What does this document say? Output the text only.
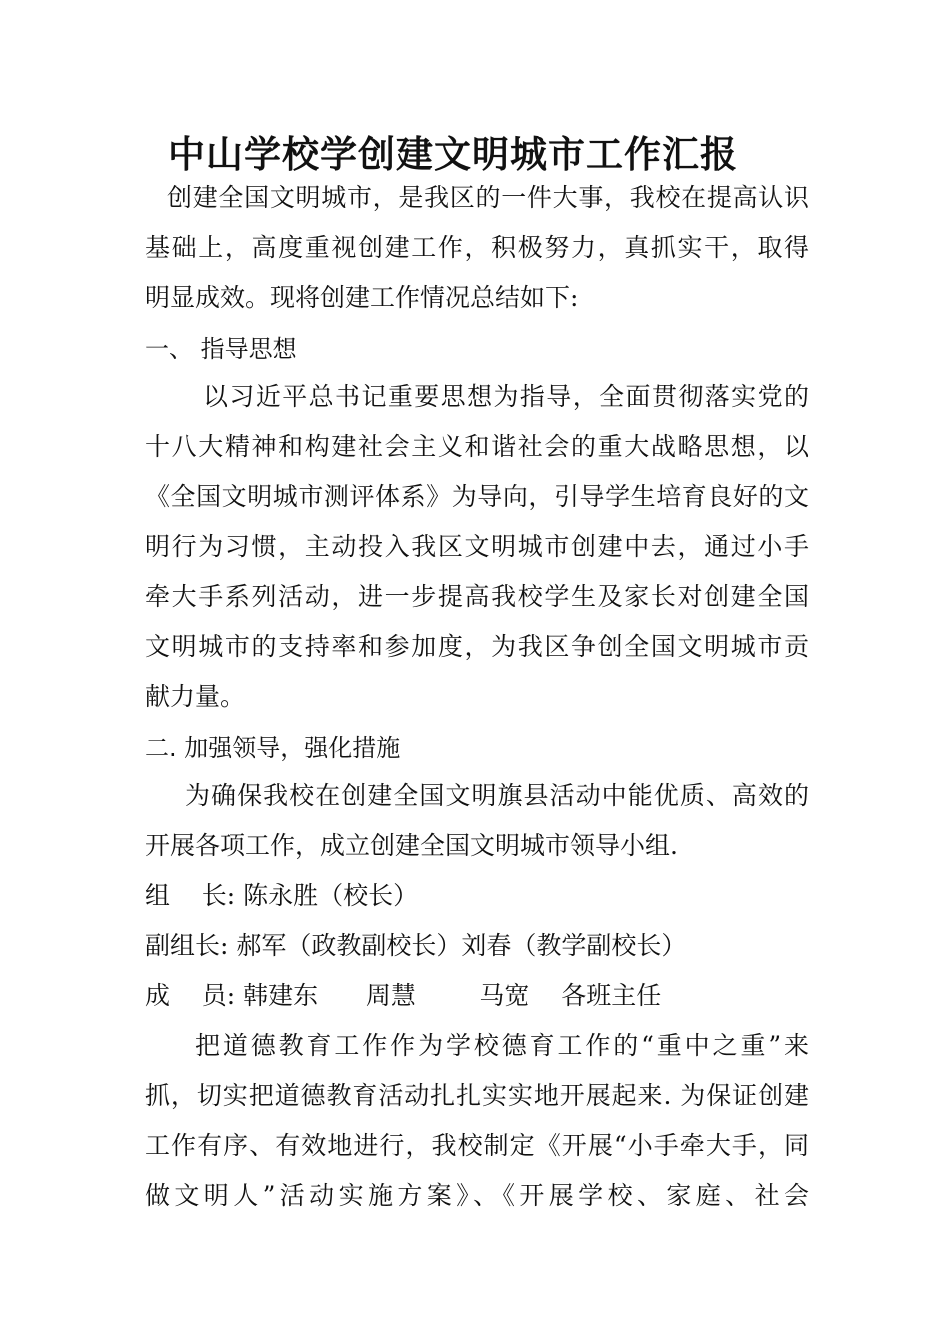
中山学校学创建文明城市工作汇报
创建全国文明城市，是我区的一件大事，我校在提高认识
基础上，高度重视创建工作，积极努力，真抓实干，取得
明显成效。现将创建工作情况总结如下:
一、 指导思想
以习近平总书记重要思想为指导，全面贯彻落实党的
十八大精神和构建社会主义和谐社会的重大战略思想，以
《全国文明城市测评体系》为导向，引导学生培育良好的文
明行为习惯，主动投入我区文明城市创建中去，通过小手
牵大手系列活动，进一步提高我校学生及家长对创建全国
文明城市的支持率和参加度，为我区争创全国文明城市贡
献力量。
二. 加强领导，强化措施
为确保我校在创建全国文明旗县活动中能优质、高效的
开展各项工作，成立创建全国文明城市领导小组.
组    长: 陈永胜（校长）
副组长: 郝军（政教副校长）刘春（教学副校长）
成    员: 韩建东      周慧        马宽    各班主任
把道德教育工作作为学校德育工作的“重中之重”来
抓，切实把道德教育活动扎扎实实地开展起来. 为保证创建
工作有序、有效地进行，我校制定《开展“小手牵大手，同
做文明人”活动实施方案》、《开展学校、家庭、社会
